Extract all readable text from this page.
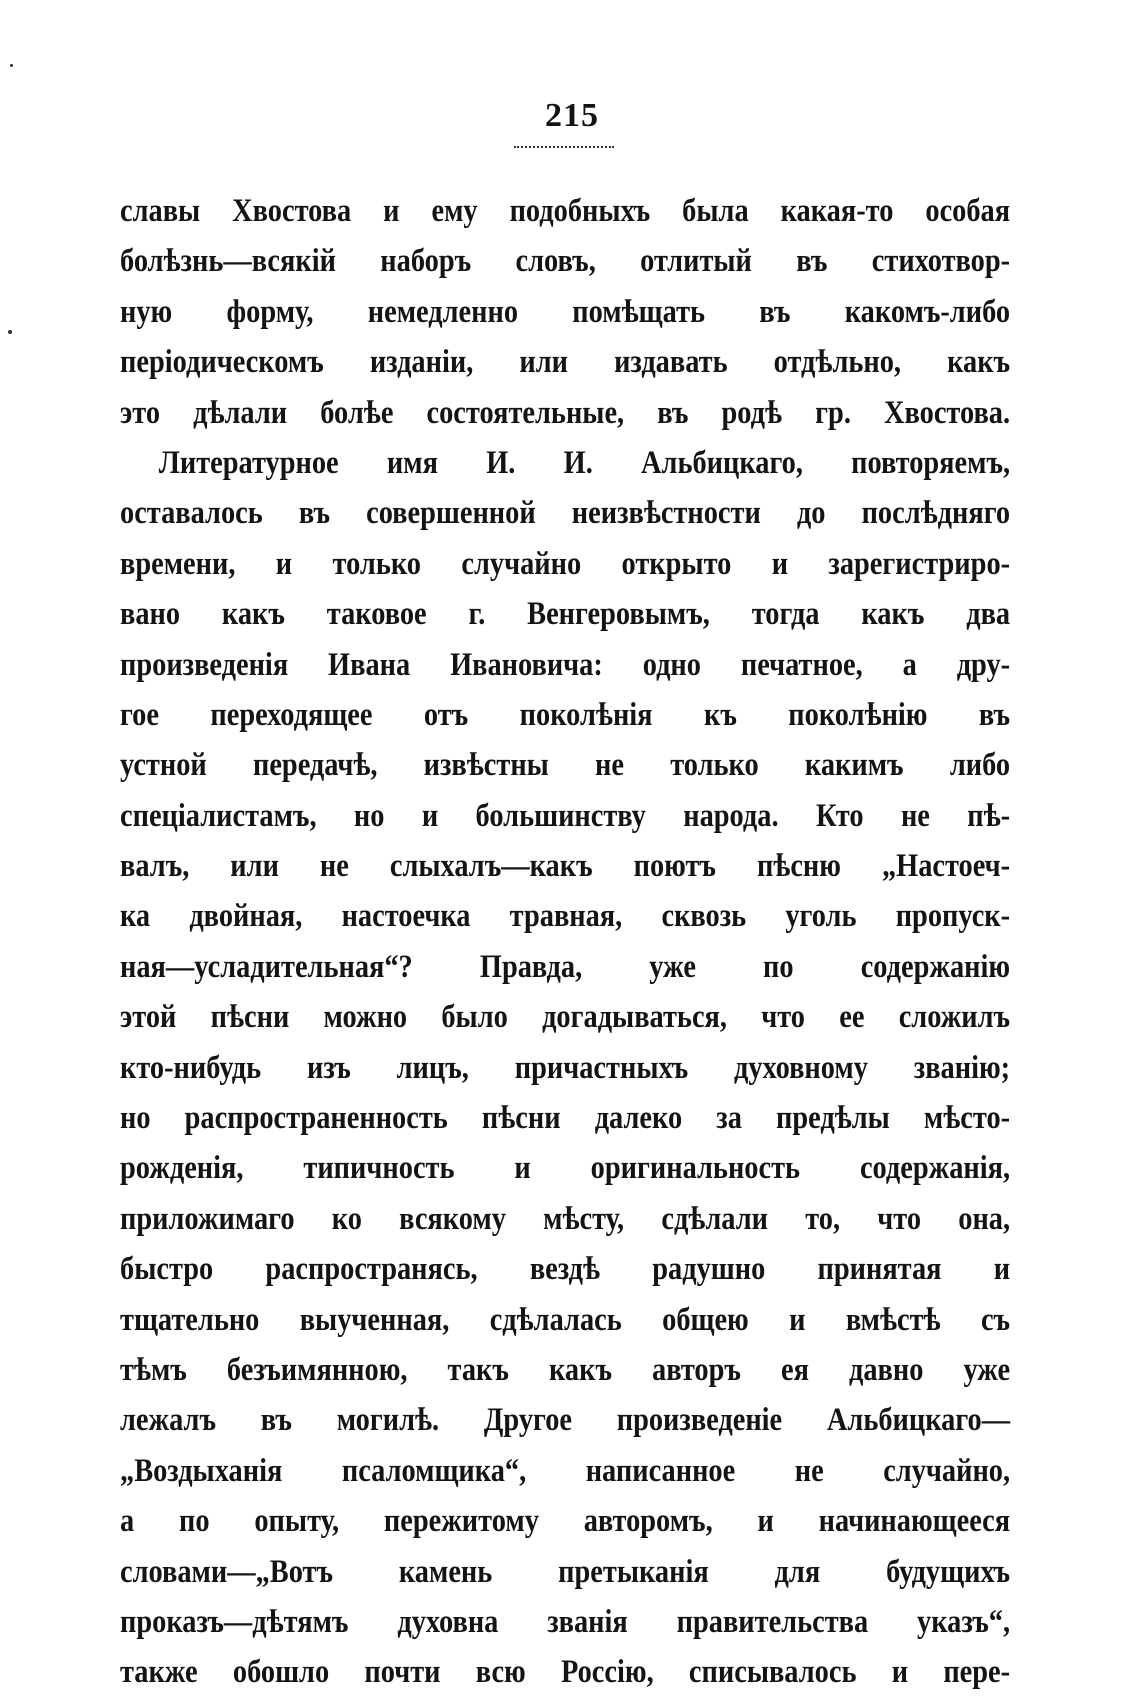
215
славы Хвостова и ему подобныхъ была какая-то особая
болѣзнь—всякій наборъ словъ, отлитый въ стихотвор-
ную форму, немедленно помѣщать въ какомъ-либо
періодическомъ изданіи, или издавать отдѣльно, какъ
это дѣлали болѣе состоятельные, въ родѣ гр. Хвостова.
Литературное имя И. И. Альбицкаго, повторяемъ,
оставалось въ совершенной неизвѣстности до послѣдняго
времени, и только случайно открыто и зарегистриро-
вано какъ таковое г. Венгеровымъ, тогда какъ два
произведенія Ивана Ивановича: одно печатное, а дру-
гое переходящее отъ поколѣнія къ поколѣнію въ
устной передачѣ, извѣстны не только какимъ либо
спеціалистамъ, но и большинству народа. Кто не пѣ-
валъ, или не слыхалъ—какъ поютъ пѣсню „Настоеч-
ка двойная, настоечка травная, сквозь уголь пропуск-
ная—усладительная“? Правда, уже по содержанію
этой пѣсни можно было догадываться, что ее сложилъ
кто-нибудь изъ лицъ, причастныхъ духовному званію;
но распространенность пѣсни далеко за предѣлы мѣсто-
рожденія, типичность и оригинальность содержанія,
приложимаго ко всякому мѣсту, сдѣлали то, что она,
быстро распространясь, вездѣ радушно принятая и
тщательно выученная, сдѣлалась общею и вмѣстѣ съ
тѣмъ безъимянною, такъ какъ авторъ ея давно уже
лежалъ въ могилѣ. Другое произведеніе Альбицкаго—
„Воздыханія псаломщика“, написанное не случайно,
а по опыту, пережитому авторомъ, и начинающееся
словами—„Вотъ камень претыканія для будущихъ
проказъ—дѣтямъ духовна званія правительства указъ“,
также обошло почти всю Россію, списывалось и пере-
